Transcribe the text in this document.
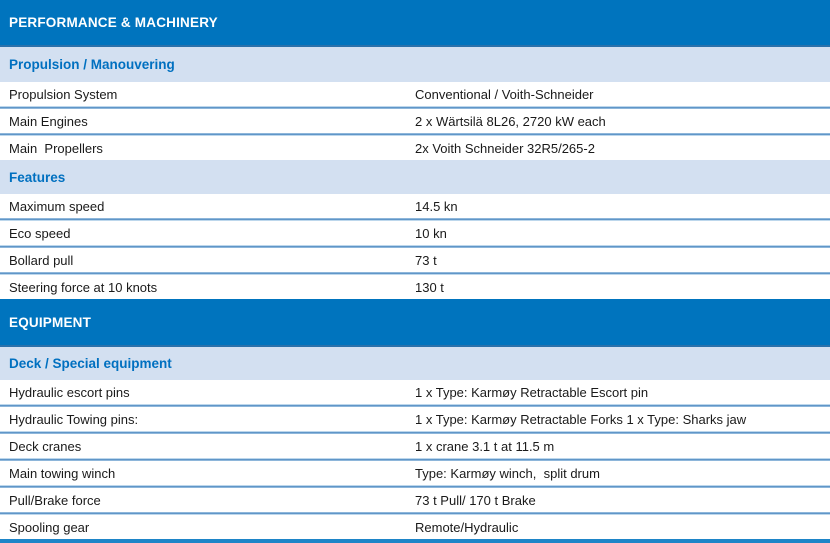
PERFORMANCE & MACHINERY
Propulsion / Manouvering
Propulsion System	Conventional / Voith-Schneider
Main Engines	2 x Wärtsilä 8L26, 2720 kW each
Main  Propellers	2x Voith Schneider 32R5/265-2
Features
Maximum speed	14.5 kn
Eco speed	10 kn
Bollard pull	73 t
Steering force at 10 knots	130 t
EQUIPMENT
Deck / Special equipment
Hydraulic escort pins	1 x Type: Karmøy Retractable Escort pin
Hydraulic Towing pins:	1 x Type: Karmøy Retractable Forks 1 x Type: Sharks jaw
Deck cranes	1 x crane 3.1 t at 11.5 m
Main towing winch	Type: Karmøy winch,  split drum
Pull/Brake force	73 t Pull/ 170 t Brake
Spooling gear	Remote/Hydraulic
